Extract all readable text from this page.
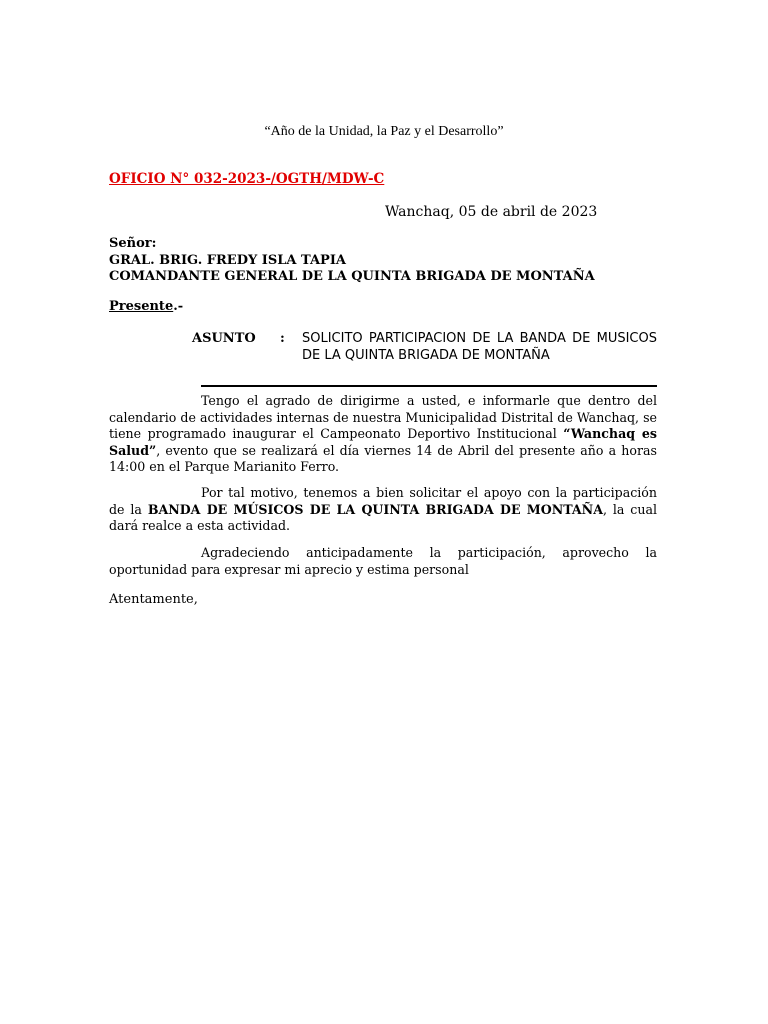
“Año de la Unidad, la Paz y el Desarrollo”
OFICIO N° 032-2023-/OGTH/MDW-C
Wanchaq, 05 de abril de 2023
Señor:
GRAL. BRIG. FREDY ISLA TAPIA
COMANDANTE GENERAL DE LA QUINTA BRIGADA DE MONTAÑA
Presente.-
ASUNTO : SOLICITO PARTICIPACION DE LA BANDA DE MUSICOS DE LA QUINTA BRIGADA DE MONTAÑA
Tengo el agrado de dirigirme a usted, e informarle que dentro del calendario de actividades internas de nuestra Municipalidad Distrital de Wanchaq, se tiene programado inaugurar el Campeonato Deportivo Institucional “Wanchaq es Salud”, evento que se realizará el día viernes 14 de Abril del presente año a horas 14:00 en el Parque Marianito Ferro.
Por tal motivo, tenemos a bien solicitar el apoyo con la participación de la BANDA DE MÚSICOS DE LA QUINTA BRIGADA DE MONTAÑA, la cual dará realce a esta actividad.
Agradeciendo anticipadamente la participación, aprovecho la oportunidad para expresar mi aprecio y estima personal
Atentamente,
